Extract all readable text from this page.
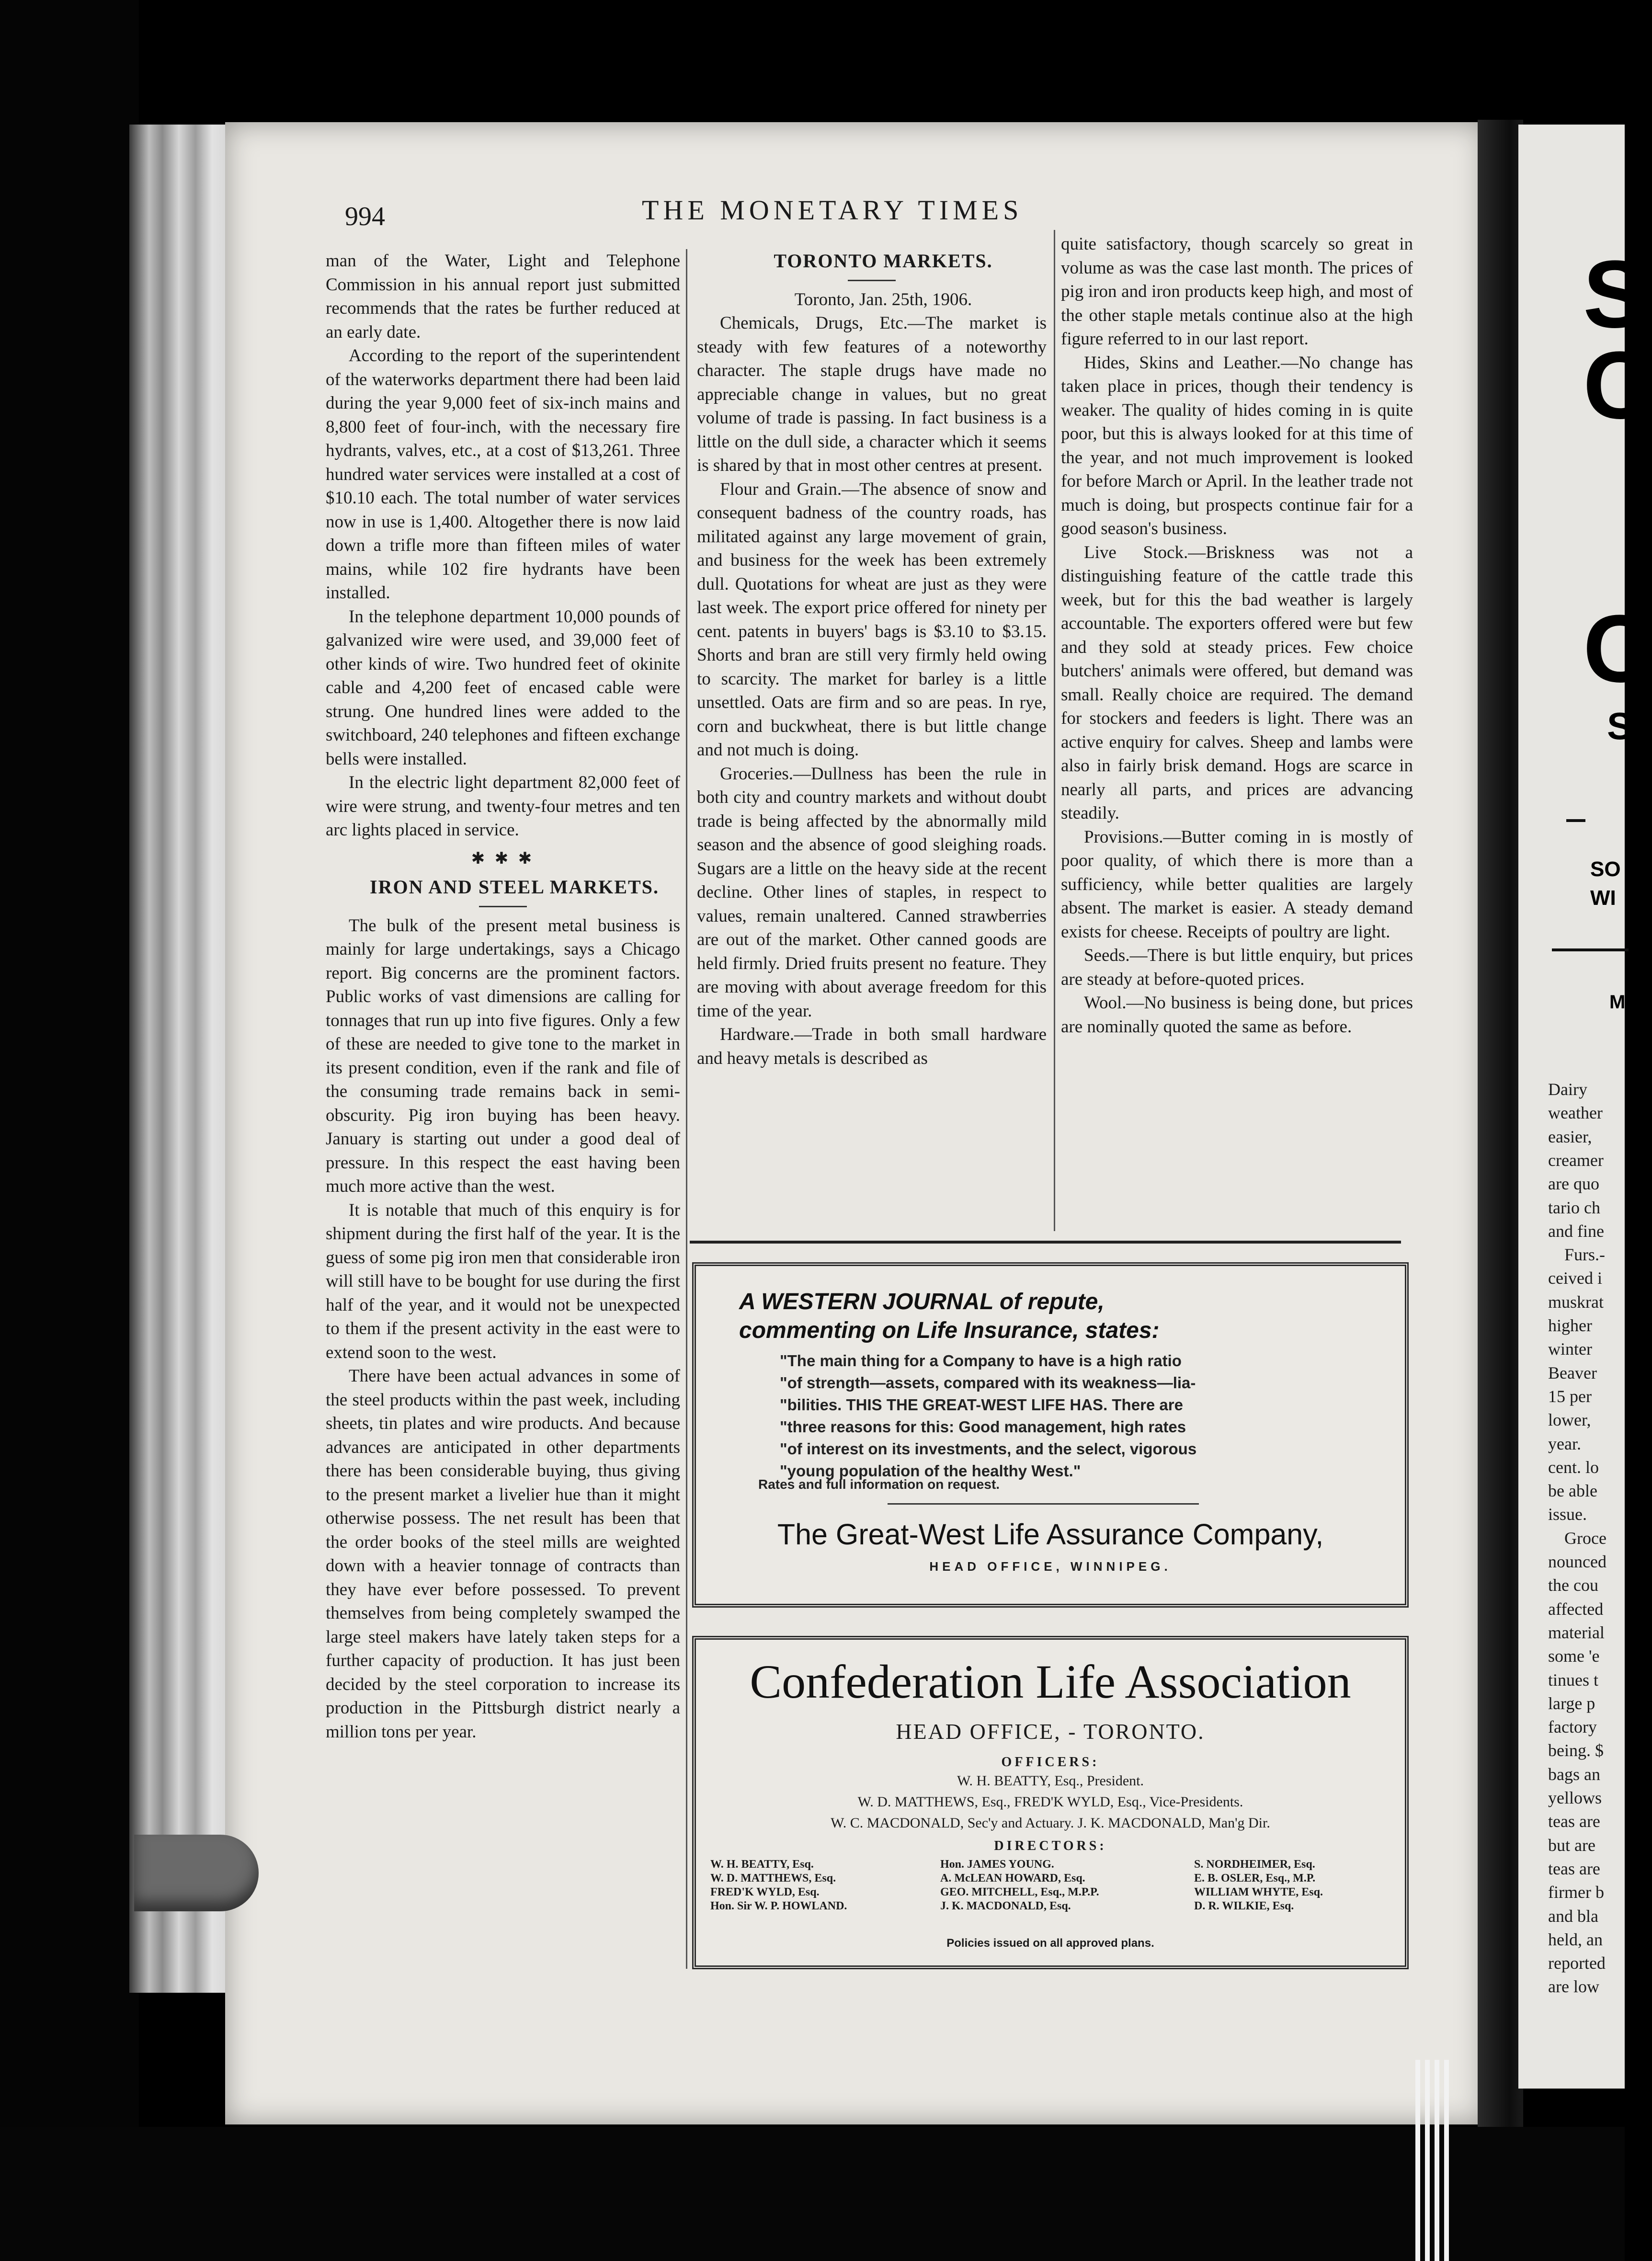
S
C
C
S
SO
WI
M
Dairy
weather
easier,
creamer
are quo
tario ch
and fine
Furs.-
ceived i
muskrat
higher
winter
Beaver
15 per
lower,
year.
cent. lo
be able
issue.
Groce
nounced
the cou
affected
material
some 'e
tinues t
large p
factory
being. $
bags an
yellows
teas are
but are
teas are
firmer b
and bla
held, an
reported
are low
994	THE MONETARY TIMES

man of the Water, Light and Telephone Commission in his annual report just submitted recommends that the rates be further reduced at an early date.

According to the report of the superintendent of the waterworks department there had been laid during the year 9,000 feet of six-inch mains and 8,800 feet of four-inch, with the necessary fire hydrants, valves, etc., at a cost of $13,261. Three hundred water services were installed at a cost of $10.10 each. The total number of water services now in use is 1,400. Altogether there is now laid down a trifle more than fifteen miles of water mains, while 102 fire hydrants have been installed.

In the telephone department 10,000 pounds of galvanized wire were used, and 39,000 feet of other kinds of wire. Two hundred feet of okinite cable and 4,200 feet of encased cable were strung. One hundred lines were added to the switchboard, 240 telephones and fifteen exchange bells were installed.

In the electric light department 82,000 feet of wire were strung, and twenty-four metres and ten arc lights placed in service.

✱ ✱ ✱

IRON AND STEEL MARKETS.

The bulk of the present metal business is mainly for large undertakings, says a Chicago report. Big concerns are the prominent factors. Public works of vast dimensions are calling for tonnages that run up into five figures. Only a few of these are needed to give tone to the market in its present condition, even if the rank and file of the consuming trade remains back in semi-obscurity. Pig iron buying has been heavy. January is starting out under a good deal of pressure. In this respect the east having been much more active than the west.

It is notable that much of this enquiry is for shipment during the first half of the year. It is the guess of some pig iron men that considerable iron will still have to be bought for use during the first half of the year, and it would not be unexpected to them if the present activity in the east were to extend soon to the west.

There have been actual advances in some of the steel products within the past week, including sheets, tin plates and wire products. And because advances are anticipated in other departments there has been considerable buying, thus giving to the present market a livelier hue than it might otherwise possess. The net result has been that the order books of the steel mills are weighted down with a heavier tonnage of contracts than they have ever before possessed. To prevent themselves from being completely swamped the large steel makers have lately taken steps for a further capacity of production. It has just been decided by the steel corporation to increase its production in the Pittsburgh district nearly a million tons per year.

TORONTO MARKETS.

Toronto, Jan. 25th, 1906.

Chemicals, Drugs, Etc.—The market is steady with few features of a noteworthy character. The staple drugs have made no appreciable change in values, but no great volume of trade is passing. In fact business is a little on the dull side, a character which it seems is shared by that in most other centres at present.

Flour and Grain.—The absence of snow and consequent badness of the country roads, has militated against any large movement of grain, and business for the week has been extremely dull. Quotations for wheat are just as they were last week. The export price offered for ninety per cent. patents in buyers' bags is $3.10 to $3.15. Shorts and bran are still very firmly held owing to scarcity. The market for barley is a little unsettled. Oats are firm and so are peas. In rye, corn and buckwheat, there is but little change and not much is doing.

Groceries.—Dullness has been the rule in both city and country markets and without doubt trade is being affected by the abnormally mild season and the absence of good sleighing roads. Sugars are a little on the heavy side at the recent decline. Other lines of staples, in respect to values, remain unaltered. Canned strawberries are out of the market. Other canned goods are held firmly. Dried fruits present no feature. They are moving with about average freedom for this time of the year.

Hardware.—Trade in both small hardware and heavy metals is described as

quite satisfactory, though scarcely so great in volume as was the case last month. The prices of pig iron and iron products keep high, and most of the other staple metals continue also at the high figure referred to in our last report.

Hides, Skins and Leather.—No change has taken place in prices, though their tendency is weaker. The quality of hides coming in is quite poor, but this is always looked for at this time of the year, and not much improvement is looked for before March or April. In the leather trade not much is doing, but prospects continue fair for a good season's business.

Live Stock.—Briskness was not a distinguishing feature of the cattle trade this week, but for this the bad weather is largely accountable. The exporters offered were but few and they sold at steady prices. Few choice butchers' animals were offered, but demand was small. Really choice are required. The demand for stockers and feeders is light. There was an active enquiry for calves. Sheep and lambs were also in fairly brisk demand. Hogs are scarce in nearly all parts, and prices are advancing steadily.

Provisions.—Butter coming in is mostly of poor quality, of which there is more than a sufficiency, while better qualities are largely absent. The market is easier. A steady demand exists for cheese. Receipts of poultry are light.

Seeds.—There is but little enquiry, but prices are steady at before-quoted prices.

Wool.—No business is being done, but prices are nominally quoted the same as before.

A WESTERN JOURNAL of repute,
commenting on Life Insurance, states:
"The main thing for a Company to have is a high ratio
"of strength—assets, compared with its weakness—lia-
"bilities. THIS THE GREAT-WEST LIFE HAS. There are
"three reasons for this: Good management, high rates
"of interest on its investments, and the select, vigorous
"young population of the healthy West."
Rates and full information on request.
The Great-West Life Assurance Company,
HEAD OFFICE, WINNIPEG.
Confederation Life Association
HEAD OFFICE, - TORONTO.
OFFICERS:
W. H. BEATTY, Esq., President.
W. D. MATTHEWS, Esq., FRED'K WYLD, Esq., Vice-Presidents.
W. C. MACDONALD, Sec'y and Actuary. J. K. MACDONALD, Man'g Dir.
DIRECTORS:
W. H. BEATTY, Esq.
W. D. MATTHEWS, Esq.
FRED'K WYLD, Esq.
Hon. Sir W. P. HOWLAND.
Hon. JAMES YOUNG.
A. McLEAN HOWARD, Esq.
GEO. MITCHELL, Esq., M.P.P.
J. K. MACDONALD, Esq.
S. NORDHEIMER, Esq.
E. B. OSLER, Esq., M.P.
WILLIAM WHYTE, Esq.
D. R. WILKIE, Esq.
Policies issued on all approved plans.
